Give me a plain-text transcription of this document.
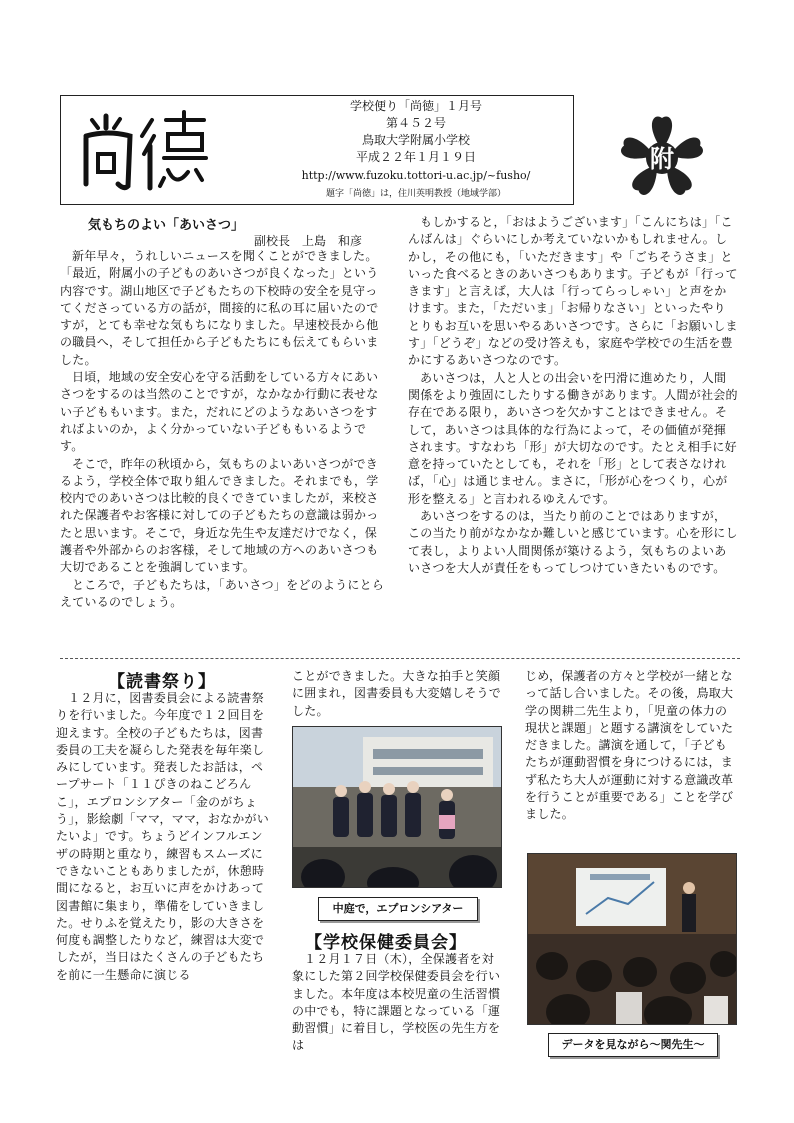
学校便り「尚徳」１月号
第４５２号
鳥取大学附属小学校
平成２２年１月１９日
http://www.fuzoku.tottori-u.ac.jp/~fusho/
題字「尚徳」は，住川英明教授（地域学部）
附
気もちのよい「あいさつ」
副校長　上島　和彦

新年早々，うれしいニュースを聞くことができました。「最近，附属小の子どものあいさつが良くなった」という内容です。湖山地区で子どもたちの下校時の安全を見守ってくださっている方の話が，間接的に私の耳に届いたのですが，とても幸せな気もちになりました。早速校長から他の職員へ，そして担任から子どもたちにも伝えてもらいました。

日頃，地域の安全安心を守る活動をしている方々にあいさつをするのは当然のことですが，なかなか行動に表せない子どももいます。また，だれにどのようなあいさつをすればよいのか，よく分かっていない子どももいるようです。

そこで，昨年の秋頃から，気もちのよいあいさつができるよう，学校全体で取り組んできました。それまでも，学校内でのあいさつは比較的良くできていましたが，来校された保護者やお客様に対しての子どもたちの意識は弱かったと思います。そこで，身近な先生や友達だけでなく，保護者や外部からのお客様，そして地域の方へのあいさつも大切であることを強調しています。

ところで，子どもたちは，「あいさつ」をどのようにとらえているのでしょう。

もしかすると，「おはようございます」「こんにちは」「こんばんは」ぐらいにしか考えていないかもしれません。しかし，その他にも，「いただきます」や「ごちそうさま」といった食べるときのあいさつもあります。子どもが「行ってきます」と言えば，大人は「行ってらっしゃい」と声をかけます。また，「ただいま」「お帰りなさい」といったやりとりもお互いを思いやるあいさつです。さらに「お願いします」「どうぞ」などの受け答えも，家庭や学校での生活を豊かにするあいさつなのです。

あいさつは，人と人との出会いを円滑に進めたり，人間関係をより強固にしたりする働きがあります。人間が社会的存在である限り，あいさつを欠かすことはできません。そして，あいさつは具体的な行為によって，その価値が発揮されます。すなわち「形」が大切なのです。たとえ相手に好意を持っていたとしても，それを「形」として表さなければ，「心」は通じません。まさに，「形が心をつくり，心が形を整える」と言われるゆえんです。

あいさつをするのは，当たり前のことではありますが，この当たり前がなかなか難しいと感じています。心を形にして表し，よりよい人間関係が築けるよう，気もちのよいあいさつを大人が責任をもってしつけていきたいものです。

【読書祭り】

１２月に，図書委員会による読書祭りを行いました。今年度で１２回目を迎えます。全校の子どもたちは，図書委員の工夫を凝らした発表を毎年楽しみにしています。発表したお話は，ペープサート「１１ぴきのねこどろんこ」，エプロンシアター「金のがちょう」，影絵劇「ママ，ママ，おなかがいたいよ」です。ちょうどインフルエンザの時期と重なり，練習もスムーズにできないこともありましたが，休憩時間になると，お互いに声をかけあって図書館に集まり，準備をしていきました。せりふを覚えたり，影の大きさを何度も調整したりなど，練習は大変でしたが，当日はたくさんの子どもたちを前に一生懸命に演じる

ことができました。大きな拍手と笑顔に囲まれ，図書委員も大変嬉しそうでした。

中庭で，エプロンシアター
【学校保健委員会】

１２月１７日（木），全保護者を対象にした第２回学校保健委員会を行いました。本年度は本校児童の生活習慣の中でも，特に課題となっている「運動習慣」に着目し，学校医の先生方をは

じめ，保護者の方々と学校が一緒となって話し合いました。その後，鳥取大学の関耕二先生より，「児童の体力の現状と課題」と題する講演をしていただきました。講演を通して，「子どもたちが運動習慣を身につけるには，まず私たち大人が運動に対する意識改革を行うことが重要である」ことを学びました。

データを見ながら～関先生～
